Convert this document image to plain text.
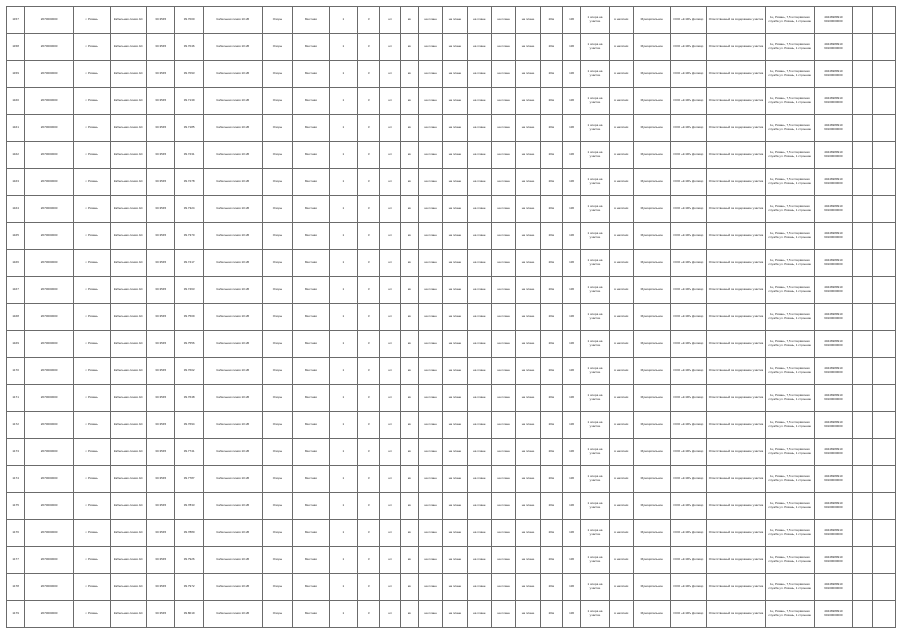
1157	2070000000	г. Рязань	Кабельная линия АС	30.3545	39.7000	Кабельная линия 10 кВ	Опоры	Местная	1	3	шт	кв	на плане	на плане	на плане	на плане	на плане	20м	136	1 опора на участке	в наличии	Муниципальное	ООО «К-ЭР» Договор	Ответственный за содержание участка	1ц. Рязань, 7,5 м Сервисная служба ул. Рязань, 1 строение	40446989910 60100000000		
1158	2070000000	г. Рязань	Кабельная линия АС	30.3545	39.7046	Кабельная линия 10 кВ	Опоры	Местная	1	3	шт	кв	на плане	на плане	на плане	на плане	на плане	20м	136	1 опора на участке	в наличии	Муниципальное	ООО «К-ЭР» Договор	Ответственный за содержание участка	1ц. Рязань, 7,5 м Сервисная служба ул. Рязань, 1 строение	40446989910 60100000000		
1159	2070000000	г. Рязань	Кабельная линия АС	30.3545	39.7093	Кабельная линия 10 кВ	Опоры	Местная	1	3	шт	кв	на плане	на плане	на плане	на плане	на плане	20м	136	1 опора на участке	в наличии	Муниципальное	ООО «К-ЭР» Договор	Ответственный за содержание участка	1ц. Рязань, 7,5 м Сервисная служба ул. Рязань, 1 строение	40446989910 60100000000		
1160	2070000000	г. Рязань	Кабельная линия АС	30.3545	39.7139	Кабельная линия 10 кВ	Опоры	Местная	1	3	шт	кв	на плане	на плане	на плане	на плане	на плане	20м	136	1 опора на участке	в наличии	Муниципальное	ООО «К-ЭР» Договор	Ответственный за содержание участка	1ц. Рязань, 7,5 м Сервисная служба ул. Рязань, 1 строение	40446989910 60100000000		
1161	2070000000	г. Рязань	Кабельная линия АС	30.3545	39.7185	Кабельная линия 10 кВ	Опоры	Местная	1	3	шт	кв	на плане	на плане	на плане	на плане	на плане	20м	136	1 опора на участке	в наличии	Муниципальное	ООО «К-ЭР» Договор	Ответственный за содержание участка	1ц. Рязань, 7,5 м Сервисная служба ул. Рязань, 1 строение	40446989910 60100000000		
1162	2070000000	г. Рязань	Кабельная линия АС	30.3545	39.7231	Кабельная линия 10 кВ	Опоры	Местная	1	3	шт	кв	на плане	на плане	на плане	на плане	на плане	20м	136	1 опора на участке	в наличии	Муниципальное	ООО «К-ЭР» Договор	Ответственный за содержание участка	1ц. Рязань, 7,5 м Сервисная служба ул. Рязань, 1 строение	40446989910 60100000000		
1163	2070000000	г. Рязань	Кабельная линия АС	30.3545	39.7278	Кабельная линия 10 кВ	Опоры	Местная	1	3	шт	кв	на плане	на плане	на плане	на плане	на плане	20м	136	1 опора на участке	в наличии	Муниципальное	ООО «К-ЭР» Договор	Ответственный за содержание участка	1ц. Рязань, 7,5 м Сервисная служба ул. Рязань, 1 строение	40446989910 60100000000		
1164	2070000000	г. Рязань	Кабельная линия АС	30.3545	39.7324	Кабельная линия 10 кВ	Опоры	Местная	1	3	шт	кв	на плане	на плане	на плане	на плане	на плане	20м	136	1 опора на участке	в наличии	Муниципальное	ООО «К-ЭР» Договор	Ответственный за содержание участка	1ц. Рязань, 7,5 м Сервисная служба ул. Рязань, 1 строение	40446989910 60100000000		
1165	2070000000	г. Рязань	Кабельная линия АС	30.3545	39.7370	Кабельная линия 10 кВ	Опоры	Местная	1	3	шт	кв	на плане	на плане	на плане	на плане	на плане	20м	136	1 опора на участке	в наличии	Муниципальное	ООО «К-ЭР» Договор	Ответственный за содержание участка	1ц. Рязань, 7,5 м Сервисная служба ул. Рязань, 1 строение	40446989910 60100000000		
1166	2070000000	г. Рязань	Кабельная линия АС	30.3545	39.7417	Кабельная линия 10 кВ	Опоры	Местная	1	3	шт	кв	на плане	на плане	на плане	на плане	на плане	20м	136	1 опора на участке	в наличии	Муниципальное	ООО «К-ЭР» Договор	Ответственный за содержание участка	1ц. Рязань, 7,5 м Сервисная служба ул. Рязань, 1 строение	40446989910 60100000000		
1167	2070000000	г. Рязань	Кабельная линия АС	30.3545	39.7463	Кабельная линия 10 кВ	Опоры	Местная	1	3	шт	кв	на плане	на плане	на плане	на плане	на плане	20м	136	1 опора на участке	в наличии	Муниципальное	ООО «К-ЭР» Договор	Ответственный за содержание участка	1ц. Рязань, 7,5 м Сервисная служба ул. Рязань, 1 строение	40446989910 60100000000		
1168	2070000000	г. Рязань	Кабельная линия АС	30.3545	39.7509	Кабельная линия 10 кВ	Опоры	Местная	1	3	шт	кв	на плане	на плане	на плане	на плане	на плане	20м	136	1 опора на участке	в наличии	Муниципальное	ООО «К-ЭР» Договор	Ответственный за содержание участка	1ц. Рязань, 7,5 м Сервисная служба ул. Рязань, 1 строение	40446989910 60100000000		
1169	2070000000	г. Рязань	Кабельная линия АС	30.3545	39.7556	Кабельная линия 10 кВ	Опоры	Местная	1	3	шт	кв	на плане	на плане	на плане	на плане	на плане	20м	136	1 опора на участке	в наличии	Муниципальное	ООО «К-ЭР» Договор	Ответственный за содержание участка	1ц. Рязань, 7,5 м Сервисная служба ул. Рязань, 1 строение	40446989910 60100000000		
1170	2070000000	г. Рязань	Кабельная линия АС	30.3545	39.7602	Кабельная линия 10 кВ	Опоры	Местная	1	3	шт	кв	на плане	на плане	на плане	на плане	на плане	20м	136	1 опора на участке	в наличии	Муниципальное	ООО «К-ЭР» Договор	Ответственный за содержание участка	1ц. Рязань, 7,5 м Сервисная служба ул. Рязань, 1 строение	40446989910 60100000000		
1171	2070000000	г. Рязань	Кабельная линия АС	30.3545	39.7648	Кабельная линия 10 кВ	Опоры	Местная	1	3	шт	кв	на плане	на плане	на плане	на плане	на плане	20м	136	1 опора на участке	в наличии	Муниципальное	ООО «К-ЭР» Договор	Ответственный за содержание участка	1ц. Рязань, 7,5 м Сервисная служба ул. Рязань, 1 строение	40446989910 60100000000		
1172	2070000000	г. Рязань	Кабельная линия АС	30.3545	39.7694	Кабельная линия 10 кВ	Опоры	Местная	1	3	шт	кв	на плане	на плане	на плане	на плане	на плане	20м	136	1 опора на участке	в наличии	Муниципальное	ООО «К-ЭР» Договор	Ответственный за содержание участка	1ц. Рязань, 7,5 м Сервисная служба ул. Рязань, 1 строение	40446989910 60100000000		
1173	2070000000	г. Рязань	Кабельная линия АС	30.3545	39.7741	Кабельная линия 10 кВ	Опоры	Местная	1	3	шт	кв	на плане	на плане	на плане	на плане	на плане	20м	136	1 опора на участке	в наличии	Муниципальное	ООО «К-ЭР» Договор	Ответственный за содержание участка	1ц. Рязань, 7,5 м Сервисная служба ул. Рязань, 1 строение	40446989910 60100000000		
1174	2070000000	г. Рязань	Кабельная линия АС	30.3545	39.7787	Кабельная линия 10 кВ	Опоры	Местная	1	3	шт	кв	на плане	на плане	на плане	на плане	на плане	20м	136	1 опора на участке	в наличии	Муниципальное	ООО «К-ЭР» Договор	Ответственный за содержание участка	1ц. Рязань, 7,5 м Сервисная служба ул. Рязань, 1 строение	40446989910 60100000000		
1175	2070000000	г. Рязань	Кабельная линия АС	30.3545	39.7833	Кабельная линия 10 кВ	Опоры	Местная	1	3	шт	кв	на плане	на плане	на плане	на плане	на плане	20м	136	1 опора на участке	в наличии	Муниципальное	ООО «К-ЭР» Договор	Ответственный за содержание участка	1ц. Рязань, 7,5 м Сервисная служба ул. Рязань, 1 строение	40446989910 60100000000		
1176	2070000000	г. Рязань	Кабельная линия АС	30.3545	39.7880	Кабельная линия 10 кВ	Опоры	Местная	1	3	шт	кв	на плане	на плане	на плане	на плане	на плане	20м	136	1 опора на участке	в наличии	Муниципальное	ООО «К-ЭР» Договор	Ответственный за содержание участка	1ц. Рязань, 7,5 м Сервисная служба ул. Рязань, 1 строение	40446989910 60100000000		
1177	2070000000	г. Рязань	Кабельная линия АС	30.3545	39.7926	Кабельная линия 10 кВ	Опоры	Местная	1	3	шт	кв	на плане	на плане	на плане	на плане	на плане	20м	136	1 опора на участке	в наличии	Муниципальное	ООО «К-ЭР» Договор	Ответственный за содержание участка	1ц. Рязань, 7,5 м Сервисная служба ул. Рязань, 1 строение	40446989910 60100000000		
1178	2070000000	г. Рязань	Кабельная линия АС	30.3545	39.7972	Кабельная линия 10 кВ	Опоры	Местная	1	3	шт	кв	на плане	на плане	на плане	на плане	на плане	20м	136	1 опора на участке	в наличии	Муниципальное	ООО «К-ЭР» Договор	Ответственный за содержание участка	1ц. Рязань, 7,5 м Сервисная служба ул. Рязань, 1 строение	40446989910 60100000000		
1179	2070000000	г. Рязань	Кабельная линия АС	30.3545	39.8019	Кабельная линия 10 кВ	Опоры	Местная	1	3	шт	кв	на плане	на плане	на плане	на плане	на плане	20м	136	1 опора на участке	в наличии	Муниципальное	ООО «К-ЭР» Договор	Ответственный за содержание участка	1ц. Рязань, 7,5 м Сервисная служба ул. Рязань, 1 строение	40446989910 60100000000		
